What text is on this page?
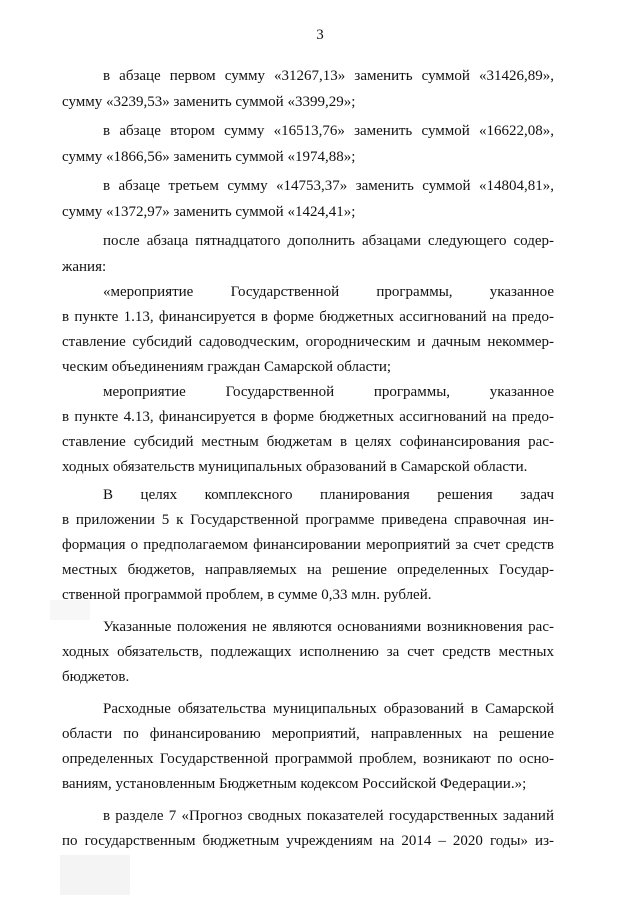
3
в абзаце первом сумму «31267,13» заменить суммой «31426,89»,
сумму «3239,53» заменить суммой «3399,29»;
в абзаце втором сумму «16513,76» заменить суммой «16622,08»,
сумму «1866,56» заменить суммой «1974,88»;
в абзаце третьем сумму «14753,37» заменить суммой «14804,81»,
сумму «1372,97» заменить суммой «1424,41»;
после абзаца пятнадцатого дополнить абзацами следующего содер-
жания:
«мероприятие Государственной программы, указанное
в пункте 1.13, финансируется в форме бюджетных ассигнований на предо-
ставление субсидий садоводческим, огородническим и дачным некоммер-
ческим объединениям граждан Самарской области;
мероприятие Государственной программы, указанное
в пункте 4.13, финансируется в форме бюджетных ассигнований на предо-
ставление субсидий местным бюджетам в целях софинансирования рас-
ходных обязательств муниципальных образований в Самарской области.
В целях комплексного планирования решения задач
в приложении 5 к Государственной программе приведена справочная ин-
формация о предполагаемом финансировании мероприятий за счет средств
местных бюджетов, направляемых на решение определенных Государ-
ственной программой проблем, в сумме 0,33 млн. рублей.
Указанные положения не являются основаниями возникновения рас-
ходных обязательств, подлежащих исполнению за счет средств местных
бюджетов.
Расходные обязательства муниципальных образований в Самарской
области по финансированию мероприятий, направленных на решение
определенных Государственной программой проблем, возникают по осно-
ваниям, установленным Бюджетным кодексом Российской Федерации.»;
в разделе 7 «Прогноз сводных показателей государственных заданий
по государственным бюджетным учреждениям на 2014 – 2020 годы» из-
